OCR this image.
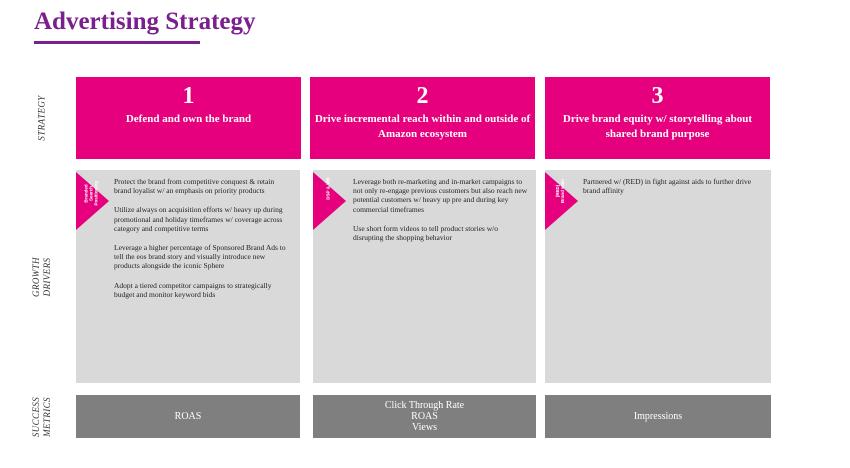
Advertising Strategy
STRATEGY
GROWTH
DRIVERS
SUCCESS
METRICS
1
Defend and own the brand
Branded Search Positioning Protect the brand from competitive conquest & retain brand loyalist w/ an emphasis on priority products

Utilize always on acquisition efforts w/ heavy up during promotional and holiday timeframes w/ coverage across category and competitive terms

Leverage a higher percentage of Sponsored Brand Ads to tell the eos brand story and visually introduce new products alongside the iconic Sphere

Adopt a tiered competitor campaigns to strategically budget and monitor keyword bids

ROAS
2
Drive incremental reach within and outside of Amazon ecosystem
DSP & VIB	Leverage both re-marketing and in-market campaigns to not only re-engage previous customers but also reach new potential customers w/ heavy up pre and during key commercial timeframes

Use short form videos to tell product stories w/o disrupting the shopping behavior

Click Through Rate
ROAS
Views
3
Drive brand equity w/ storytelling about shared brand purpose
(RED) Brand Halo Partnered w/ (RED) in fight against aids to further drive brand affinity

Impressions
